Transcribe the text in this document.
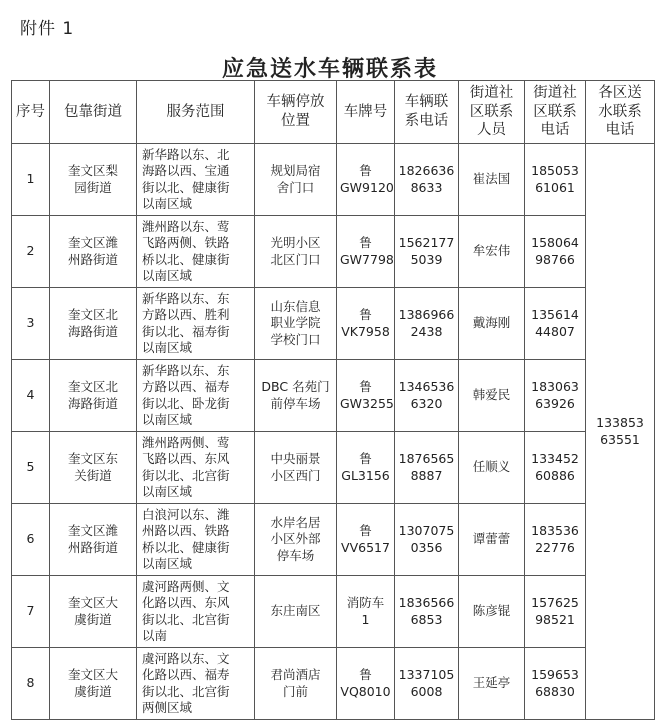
附件 1
应急送水车辆联系表
序号	包靠街道	服务范围	车辆停放
位置	车牌号	车辆联
系电话	街道社
区联系
人员	街道社
区联系
电话	各区送
水联系
电话

1	奎文区梨
园街道	新华路以东、北
海路以西、宝通
街以北、健康街
以南区域	规划局宿
舍门口	鲁
GW9120	1826636
8633	崔法国	185053
61061	133853
63551

2	奎文区潍
州路街道	潍州路以东、莺
飞路两侧、铁路
桥以北、健康街
以南区域	光明小区
北区门口	鲁
GW7798	1562177
5039	牟宏伟	158064
98766	

3	奎文区北
海路街道	新华路以东、东
方路以西、胜利
街以北、福寿街
以南区域	山东信息
职业学院
学校门口	鲁
VK7958	1386966
2438	戴海刚	135614
44807	

4	奎文区北
海路街道	新华路以东、东
方路以西、福寿
街以北、卧龙街
以南区域	DBC 名苑门
前停车场	鲁
GW3255	1346536
6320	韩爱民	183063
63926	

5	奎文区东
关街道	潍州路两侧、莺
飞路以西、东风
街以北、北宫街
以南区域	中央丽景
小区西门	鲁
GL3156	1876565
8887	任顺义	133452
60886	

6	奎文区潍
州路街道	白浪河以东、潍
州路以西、铁路
桥以北、健康街
以南区域	水岸名居
小区外部
停车场	鲁
VV6517	1307075
0356	谭蕾蕾	183536
22776	

7	奎文区大
虞街道	虞河路两侧、文
化路以西、东风
街以北、北宫街
以南	东庄南区	消防车
1	1836566
6853	陈彦锟	157625
98521	

8	奎文区大
虞街道	虞河路以东、文
化路以西、福寿
街以北、北宫街
两侧区域	君尚酒店
门前	鲁
VQ8010	1337105
6008	王延亭	159653
68830	
